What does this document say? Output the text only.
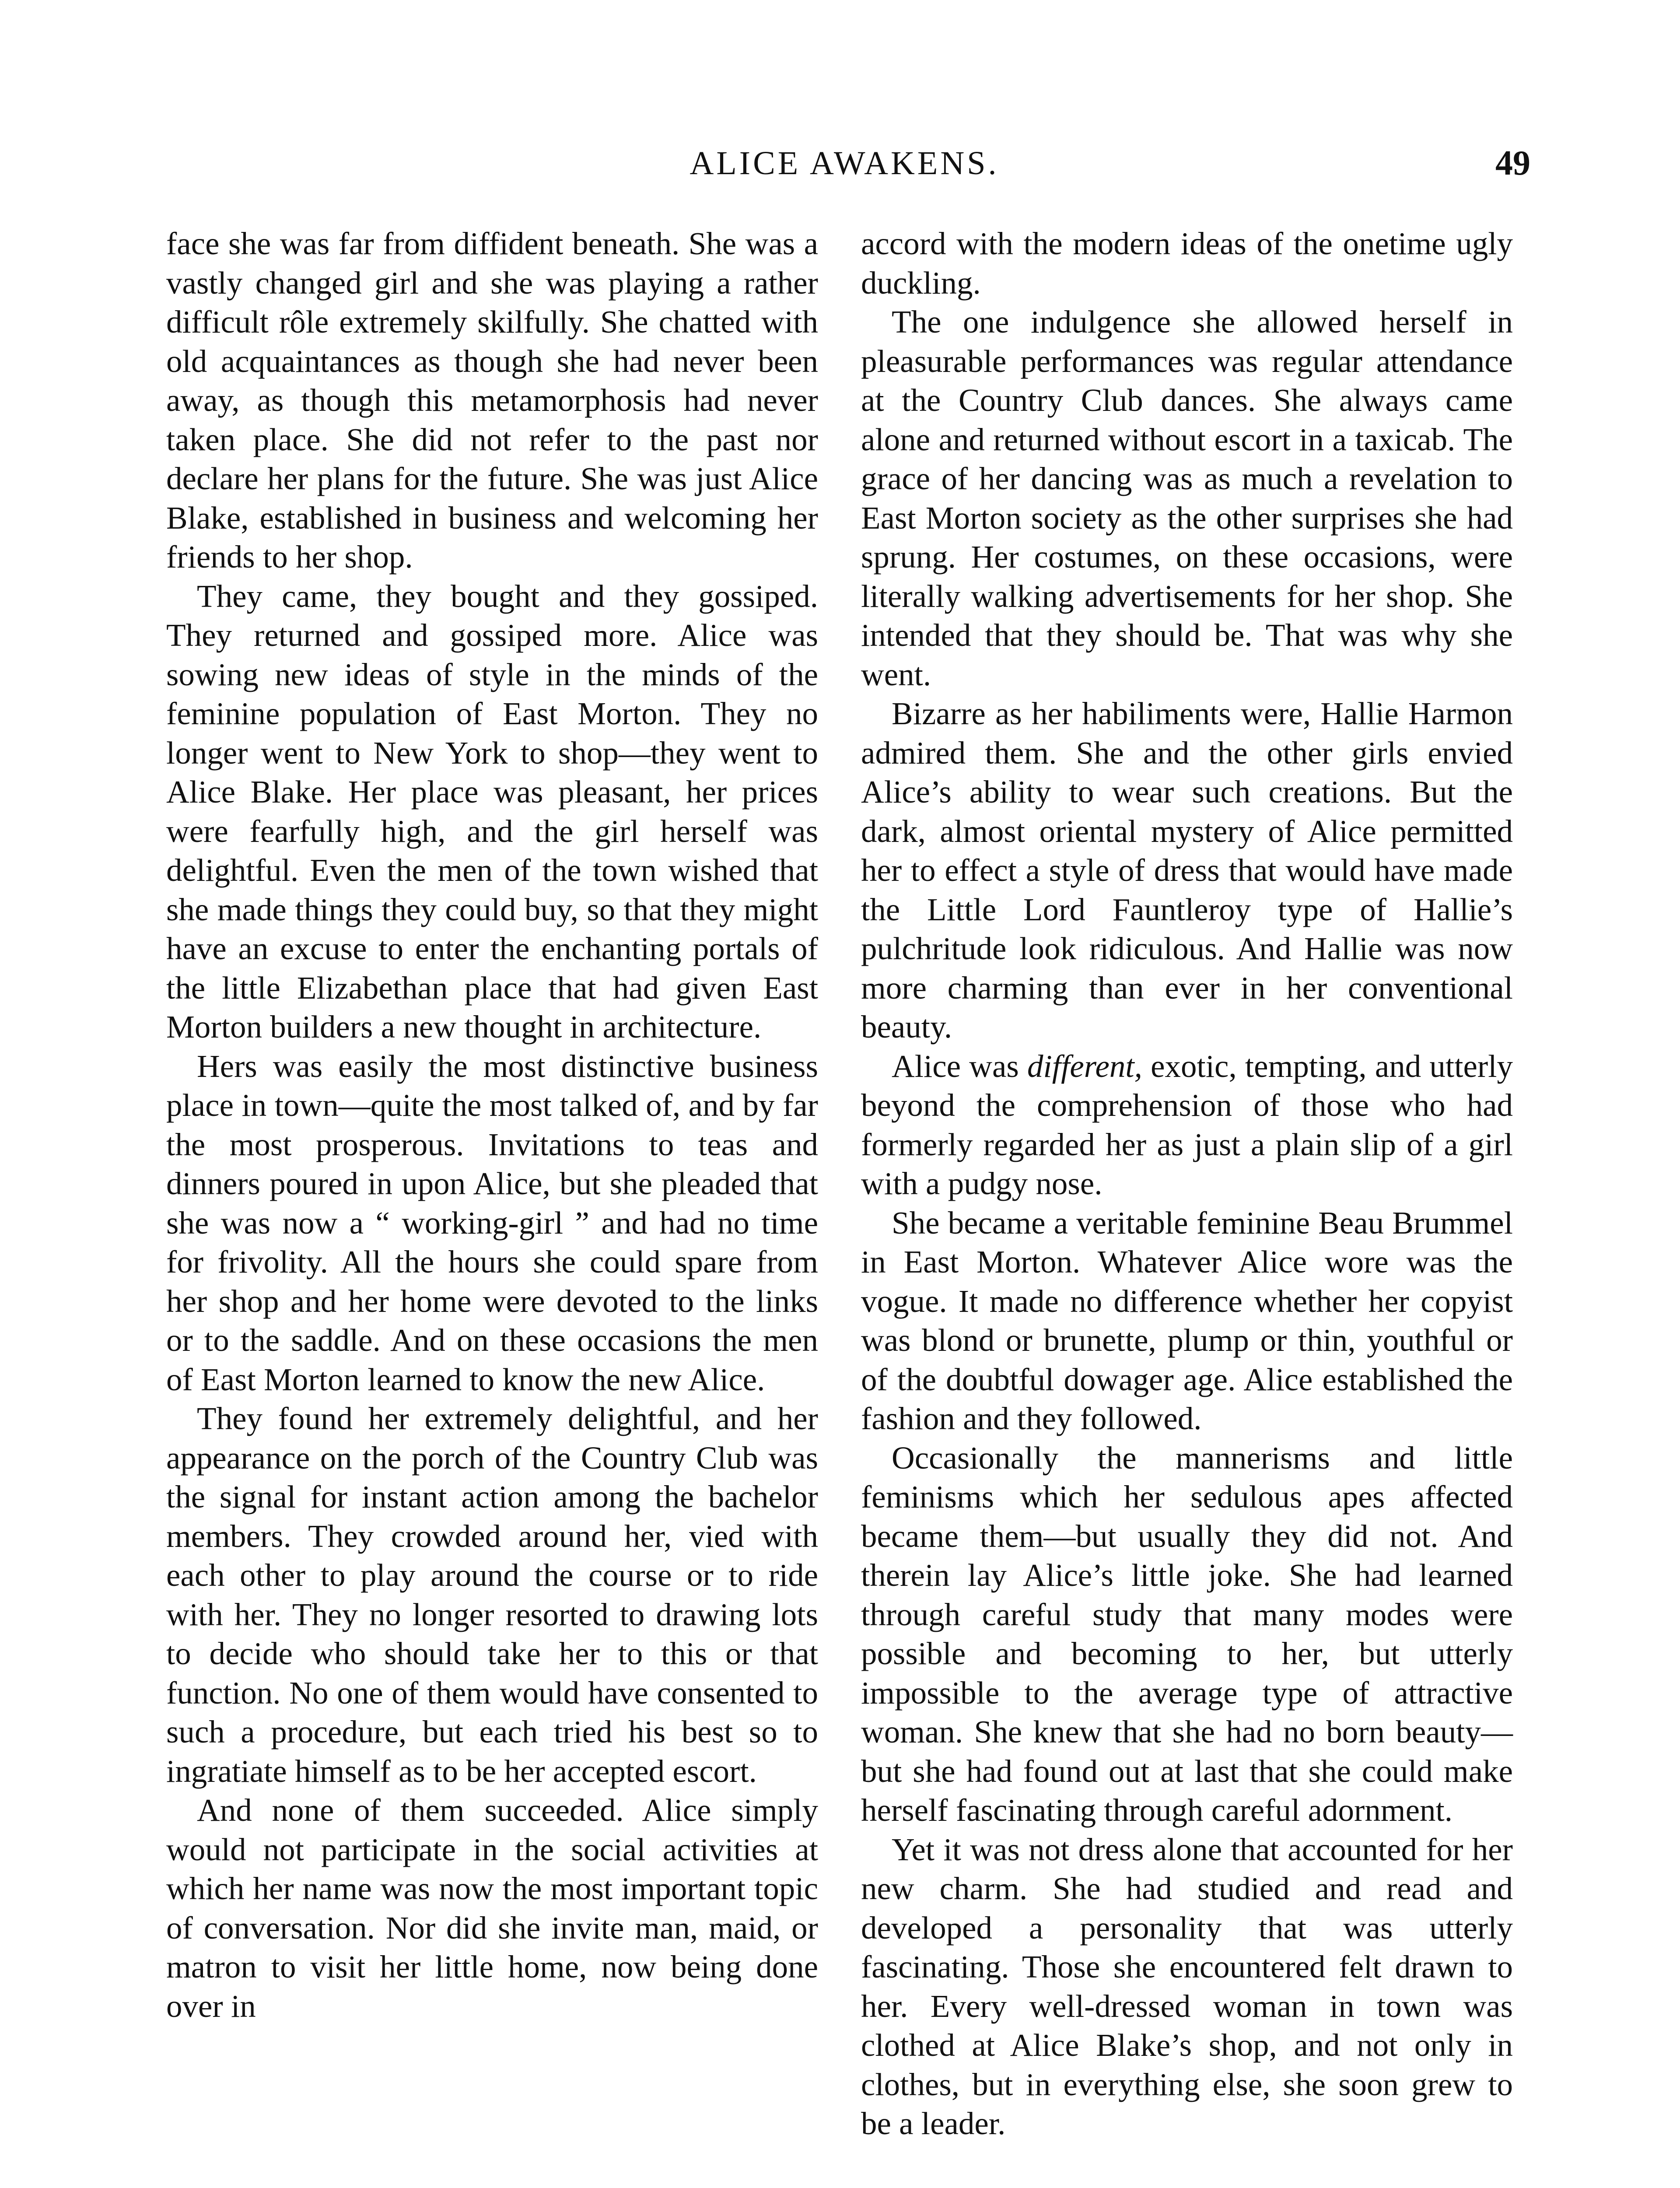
ALICE AWAKENS.	49

face she was far from diffident beneath. She was a vastly changed girl and she was playing a rather difficult rôle extremely skilfully. She chatted with old acquaintances as though she had never been away, as though this metamorphosis had never taken place. She did not refer to the past nor declare her plans for the future. She was just Alice Blake, established in business and welcoming her friends to her shop.

They came, they bought and they gossiped. They returned and gossiped more. Alice was sowing new ideas of style in the minds of the feminine population of East Morton. They no longer went to New York to shop—they went to Alice Blake. Her place was pleasant, her prices were fearfully high, and the girl herself was delightful. Even the men of the town wished that she made things they could buy, so that they might have an excuse to enter the enchanting portals of the little Elizabethan place that had given East Morton builders a new thought in architecture.

Hers was easily the most distinctive business place in town—quite the most talked of, and by far the most prosperous. Invitations to teas and dinners poured in upon Alice, but she pleaded that she was now a “ working-girl ” and had no time for frivolity. All the hours she could spare from her shop and her home were devoted to the links or to the saddle. And on these occasions the men of East Morton learned to know the new Alice.

They found her extremely delightful, and her appearance on the porch of the Country Club was the signal for instant action among the bachelor members. They crowded around her, vied with each other to play around the course or to ride with her. They no longer resorted to drawing lots to decide who should take her to this or that function. No one of them would have consented to such a procedure, but each tried his best so to ingratiate himself as to be her accepted escort.

And none of them succeeded. Alice simply would not participate in the social activities at which her name was now the most important topic of conversation. Nor did she invite man, maid, or matron to visit her little home, now being done over in

accord with the modern ideas of the onetime ugly duckling.

The one indulgence she allowed herself in pleasurable performances was regular attendance at the Country Club dances. She always came alone and returned without escort in a taxicab. The grace of her dancing was as much a revelation to East Morton society as the other surprises she had sprung. Her costumes, on these occasions, were literally walking advertisements for her shop. She intended that they should be. That was why she went.

Bizarre as her habiliments were, Hallie Harmon admired them. She and the other girls envied Alice’s ability to wear such creations. But the dark, almost oriental mystery of Alice permitted her to effect a style of dress that would have made the Little Lord Fauntleroy type of Hallie’s pulchritude look ridiculous. And Hallie was now more charming than ever in her conventional beauty.

Alice was different, exotic, tempting, and utterly beyond the comprehension of those who had formerly regarded her as just a plain slip of a girl with a pudgy nose.

She became a veritable feminine Beau Brummel in East Morton. Whatever Alice wore was the vogue. It made no difference whether her copyist was blond or brunette, plump or thin, youthful or of the doubtful dowager age. Alice established the fashion and they followed.

Occasionally the mannerisms and little feminisms which her sedulous apes affected became them—but usually they did not. And therein lay Alice’s little joke. She had learned through careful study that many modes were possible and becoming to her, but utterly impossible to the average type of attractive woman. She knew that she had no born beauty—but she had found out at last that she could make herself fascinating through careful adornment.

Yet it was not dress alone that accounted for her new charm. She had studied and read and developed a personality that was utterly fascinating. Those she encountered felt drawn to her. Every well-dressed woman in town was clothed at Alice Blake’s shop, and not only in clothes, but in everything else, she soon grew to be a leader.
